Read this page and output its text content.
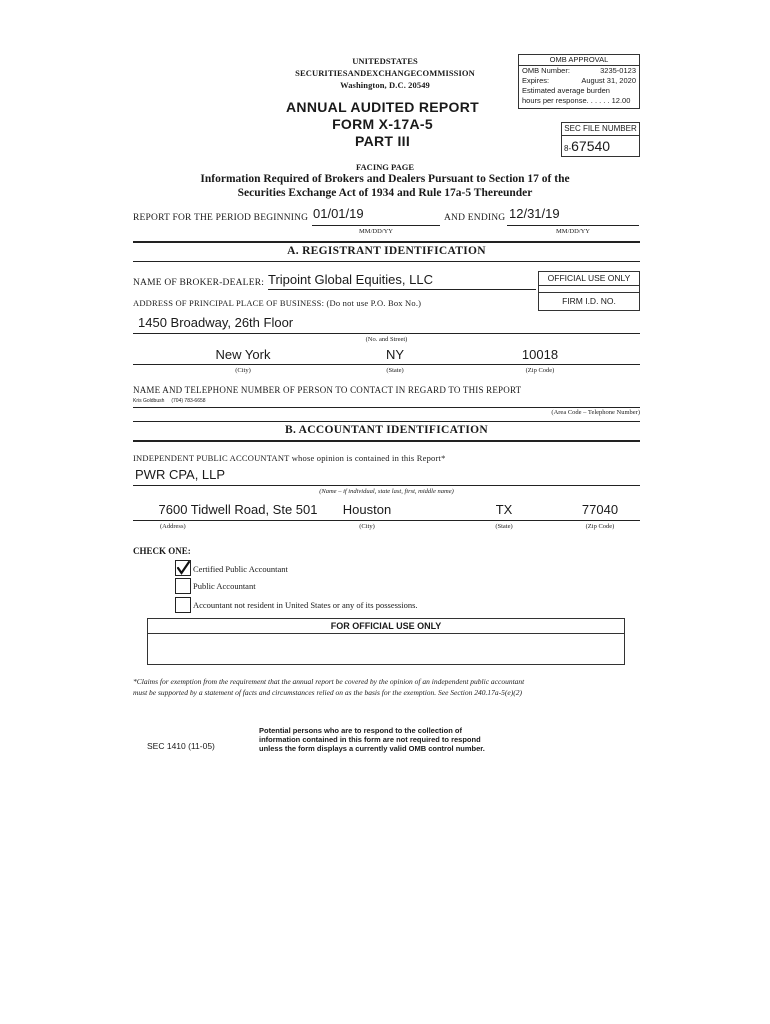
UNITEDSTATES
SECURITIESANDEXCHANGECOMMISSION
Washington, D.C. 20549
ANNUAL AUDITED REPORT
FORM X-17A-5
PART III
OMB APPROVAL
OMB Number:	3235-0123
Expires:	August 31, 2020
Estimated average burden
hours per response. . . . . . 12.00
SEC FILE NUMBER
8-67540
FACING PAGE
Information Required of Brokers and Dealers Pursuant to Section 17 of the
Securities Exchange Act of 1934 and Rule 17a-5 Thereunder
REPORT FOR THE PERIOD BEGINNING 01/01/19	AND ENDING 12/31/19
MM/DD/YY	MM/DD/YY
A. REGISTRANT IDENTIFICATION
NAME OF BROKER-DEALER: Tripoint Global Equities, LLC	OFFICIAL USE ONLY
FIRM I.D. NO.
ADDRESS OF PRINCIPAL PLACE OF BUSINESS: (Do not use P.O. Box No.)
1450 Broadway, 26th Floor
(No. and Street)
New York	NY	10018
(City)	(State)	(Zip Code)
NAME AND TELEPHONE NUMBER OF PERSON TO CONTACT IN REGARD TO THIS REPORT
Kris Goldbush (704) 783-6658
(Area Code – Telephone Number)
B. ACCOUNTANT IDENTIFICATION
INDEPENDENT PUBLIC ACCOUNTANT whose opinion is contained in this Report*
PWR CPA, LLP
(Name – if individual, state last, first, middle name)
7600 Tidwell Road, Ste 501	Houston	TX	77040
(Address)	(City)	(State)	(Zip Code)
CHECK ONE:
Certified Public Accountant
Public Accountant
Accountant not resident in United States or any of its possessions.
FOR OFFICIAL USE ONLY
*Claims for exemption from the requirement that the annual report be covered by the opinion of an independent public accountant
must be supported by a statement of facts and circumstances relied on as the basis for the exemption. See Section 240.17a-5(e)(2)
SEC 1410 (11-05)
Potential persons who are to respond to the collection of
information contained in this form are not required to respond
unless the form displays a currently valid OMB control number.
